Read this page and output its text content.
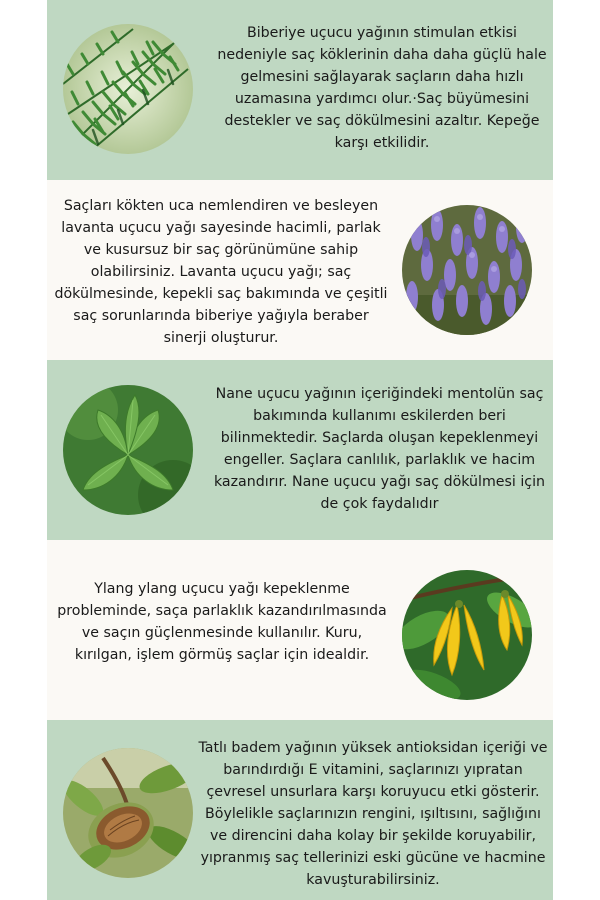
Biberiye uçucu yağının stimulan etkisi nedeniyle saç köklerinin daha daha güçlü hale gelmesini sağlayarak saçların daha hızlı uzamasına yardımcı olur.·Saç büyümesini destekler ve saç dökülmesini azaltır. Kepeğe karşı etkilidir.

Saçları kökten uca nemlendiren ve besleyen lavanta uçucu yağı sayesinde hacimli, parlak ve kusursuz bir saç görünümüne sahip olabilirsiniz. Lavanta uçucu yağı; saç dökülmesinde, kepekli saç bakımında ve çeşitli saç sorunlarında biberiye yağıyla beraber sinerji oluşturur.

Nane uçucu yağının içeriğindeki mentolün saç bakımında kullanımı eskilerden beri bilinmektedir. Saçlarda oluşan kepeklenmeyi engeller. Saçlara canlılık, parlaklık ve hacim kazandırır. Nane uçucu yağı saç dökülmesi için de çok faydalıdır

Ylang ylang uçucu yağı kepeklenme probleminde, saça parlaklık kazandırılmasında ve saçın güçlenmesinde kullanılır. Kuru, kırılgan, işlem görmüş saçlar için idealdir.

Tatlı badem yağının yüksek antioksidan içeriği ve barındırdığı E vitamini, saçlarınızı yıpratan çevresel unsurlara karşı koruyucu etki gösterir. Böylelikle saçlarınızın rengini, ışıltısını, sağlığını ve direncini daha kolay bir şekilde koruyabilir, yıpranmış saç tellerinizi eski gücüne ve hacmine kavuşturabilirsiniz.
